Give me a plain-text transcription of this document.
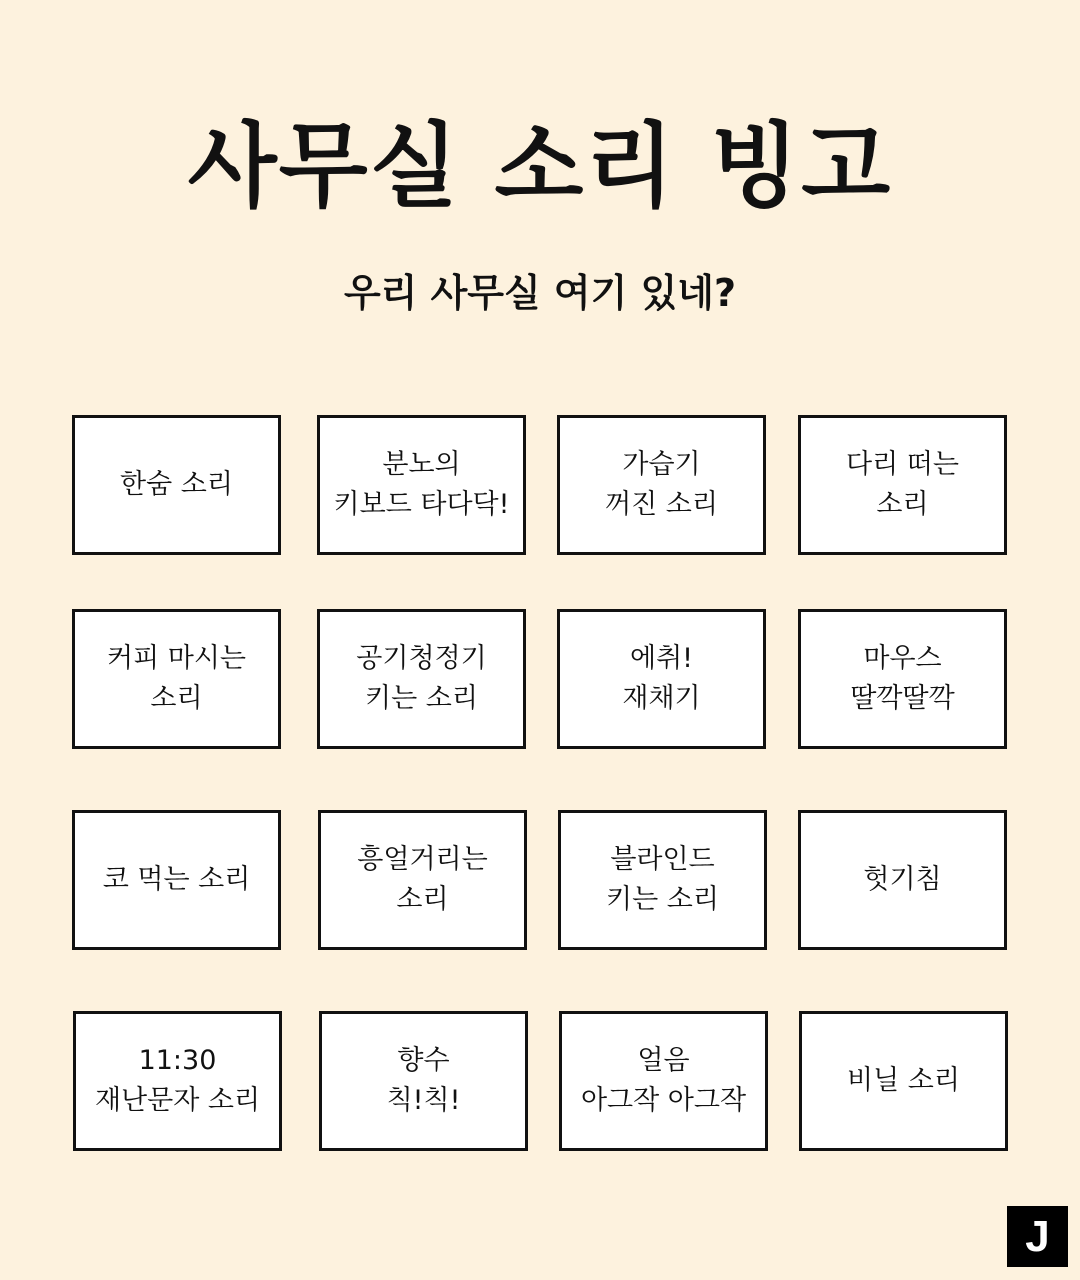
사무실 소리 빙고
우리 사무실 여기 있네?
한숨 소리
분노의
키보드 타다닥!
가습기
꺼진 소리
다리 떠는
소리
커피 마시는
소리
공기청정기
키는 소리
에취!
재채기
마우스
딸깍딸깍
코 먹는 소리
흥얼거리는
소리
블라인드
키는 소리
헛기침
11:30
재난문자 소리
향수
칙!칙!
얼음
아그작 아그작
비닐 소리
J
